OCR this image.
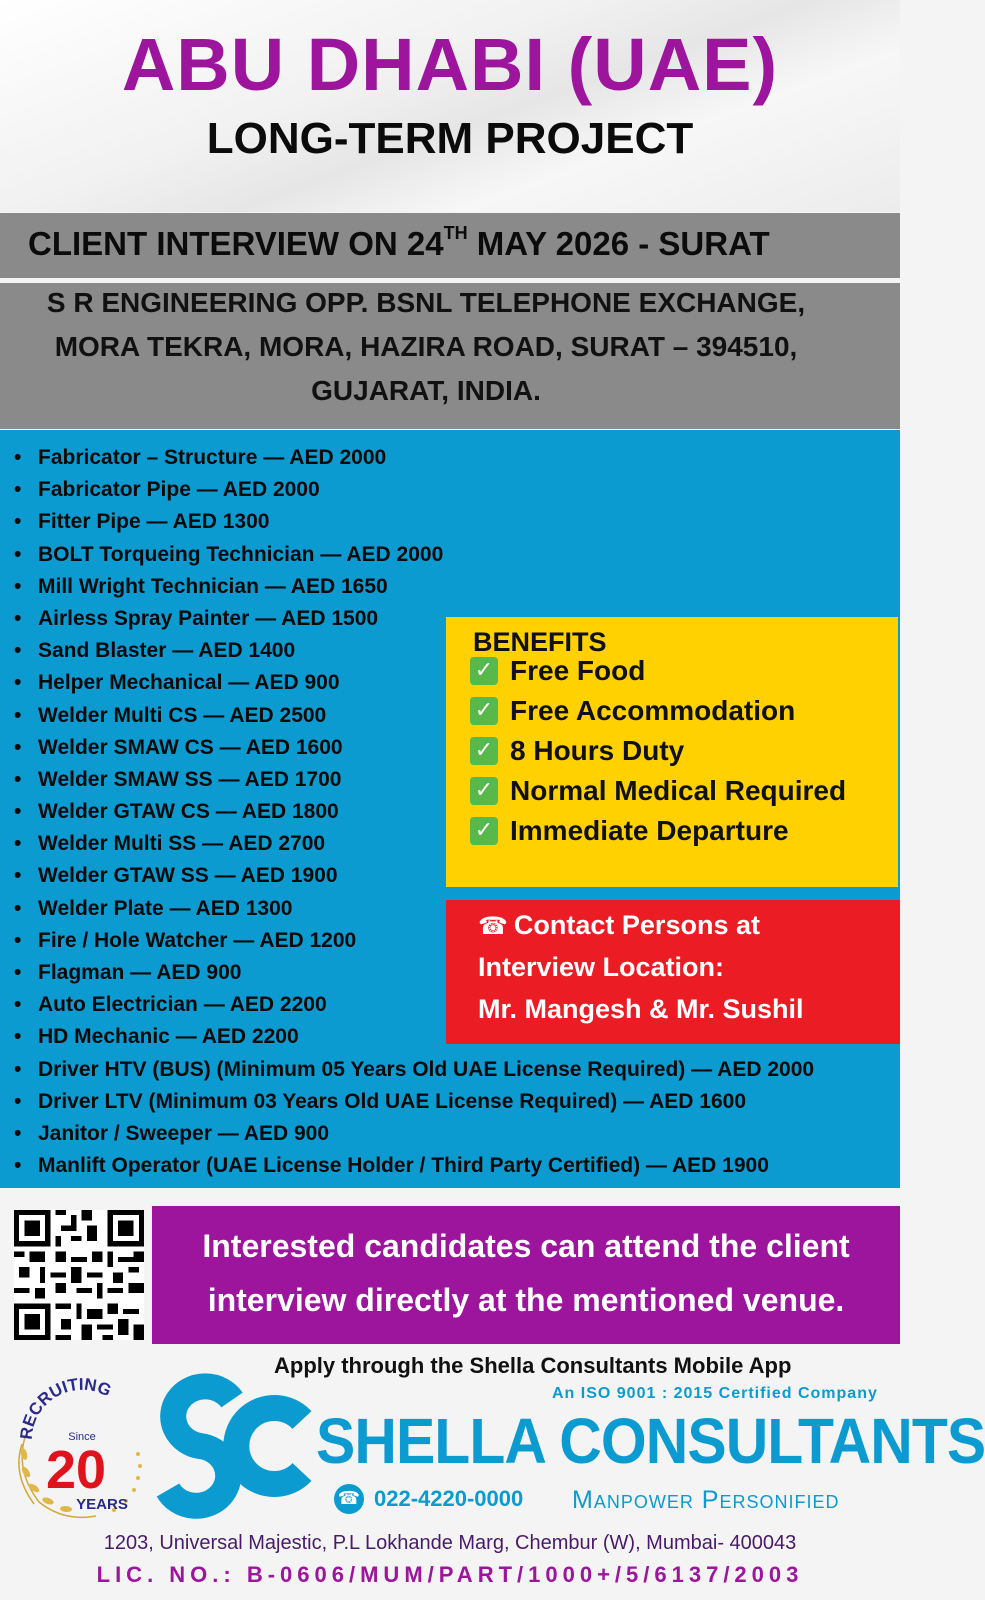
ABU DHABI (UAE)
LONG-TERM PROJECT
CLIENT INTERVIEW ON 24TH MAY 2026 - SURAT
S R ENGINEERING OPP. BSNL TELEPHONE EXCHANGE,
MORA TEKRA, MORA, HAZIRA ROAD, SURAT – 394510,
GUJARAT, INDIA.
• Fabricator – Structure — AED 2000
• Fabricator Pipe — AED 2000
• Fitter Pipe — AED 1300
• BOLT Torqueing Technician — AED 2000
• Mill Wright Technician — AED 1650
• Airless Spray Painter — AED 1500
• Sand Blaster — AED 1400
• Helper Mechanical — AED 900
• Welder Multi CS — AED 2500
• Welder SMAW CS — AED 1600
• Welder SMAW SS — AED 1700
• Welder GTAW CS — AED 1800
• Welder Multi SS — AED 2700
• Welder GTAW SS — AED 1900
• Welder Plate — AED 1300
• Fire / Hole Watcher — AED 1200
• Flagman — AED 900
• Auto Electrician — AED 2200
• HD Mechanic — AED 2200
• Driver HTV (BUS) (Minimum 05 Years Old UAE License Required) — AED 2000
• Driver LTV (Minimum 03 Years Old UAE License Required) — AED 1600
• Janitor / Sweeper — AED 900
• Manlift Operator (UAE License Holder / Third Party Certified) — AED 1900
BENEFITS
✓ Free Food
✓ Free Accommodation
✓ 8 Hours Duty
✓ Normal Medical Required
✓ Immediate Departure
☎ Contact Persons at
Interview Location:
Mr. Mangesh & Mr. Sushil
Interested candidates can attend the client
interview directly at the mentioned venue.
Apply through the Shella Consultants Mobile App
RECRUITING
Since
20
YEARS
An ISO 9001 : 2015 Certified Company
SHELLA CONSULTANTS
☎ 022-4220-0000 Manpower Personified
1203, Universal Majestic, P.L Lokhande Marg, Chembur (W), Mumbai- 400043
LIC. NO.: B-0606/MUM/PART/1000+/5/6137/2003
